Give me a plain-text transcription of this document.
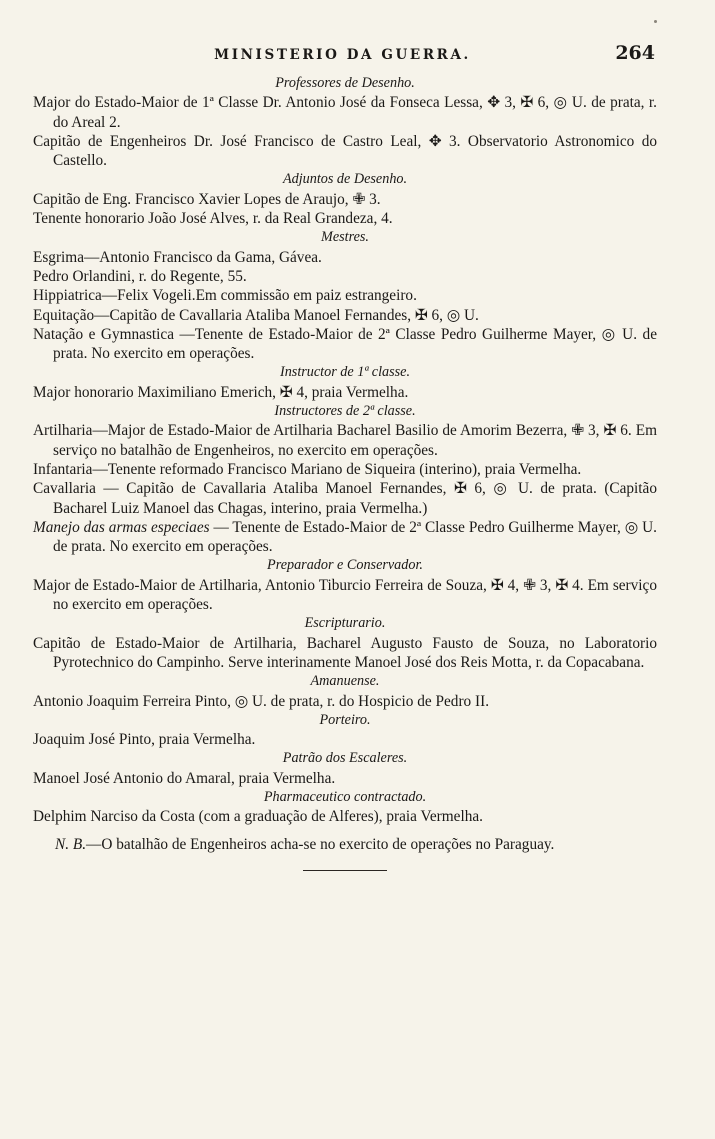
MINISTERIO DA GUERRA.	264

Professores de Desenho.

Major do Estado-Maior de 1ª Classe Dr. Antonio José da Fonseca Lessa, ✥ 3, ✠ 6, ◎ U. de prata, r. do Areal 2.

Capitão de Engenheiros Dr. José Francisco de Castro Leal, ✥ 3. Observatorio Astronomico do Castello.

Adjuntos de Desenho.

Capitão de Eng. Francisco Xavier Lopes de Araujo, ✙ 3.

Tenente honorario João José Alves, r. da Real Grandeza, 4.

Mestres.

Esgrima—Antonio Francisco da Gama, Gávea.

Pedro Orlandini, r. do Regente, 55.

Hippiatrica—Felix Vogeli.Em commissão em paiz estrangeiro.

Equitação—Capitão de Cavallaria Ataliba Manoel Fernandes, ✠ 6, ◎ U.

Natação e Gymnastica —Tenente de Estado-Maior de 2ª Classe Pedro Guilherme Mayer, ◎ U. de prata. No exercito em operações.

Instructor de 1ª classe.

Major honorario Maximiliano Emerich, ✠ 4, praia Vermelha.

Instructores de 2ª classe.

Artilharia—Major de Estado-Maior de Artilharia Bacharel Basilio de Amorim Bezerra, ✙ 3, ✠ 6. Em serviço no batalhão de Engenheiros, no exercito em operações.

Infantaria—Tenente reformado Francisco Mariano de Siqueira (interino), praia Vermelha.

Cavallaria — Capitão de Cavallaria Ataliba Manoel Fernandes, ✠ 6, ◎ U. de prata. (Capitão Bacharel Luiz Manoel das Chagas, interino, praia Vermelha.)

Manejo das armas especiaes — Tenente de Estado-Maior de 2ª Classe Pedro Guilherme Mayer, ◎ U. de prata. No exercito em operações.

Preparador e Conservador.

Major de Estado-Maior de Artilharia, Antonio Tiburcio Ferreira de Souza, ✠ 4, ✙ 3, ✠ 4. Em serviço no exercito em operações.

Escripturario.

Capitão de Estado-Maior de Artilharia, Bacharel Augusto Fausto de Souza, no Laboratorio Pyrotechnico do Campinho. Serve interinamente Manoel José dos Reis Motta, r. da Copacabana.

Amanuense.

Antonio Joaquim Ferreira Pinto, ◎ U. de prata, r. do Hospicio de Pedro II.

Porteiro.

Joaquim José Pinto, praia Vermelha.

Patrão dos Escaleres.

Manoel José Antonio do Amaral, praia Vermelha.

Pharmaceutico contractado.

Delphim Narciso da Costa (com a graduação de Alferes), praia Vermelha.

N. B.—O batalhão de Engenheiros acha-se no exercito de operações no Paraguay.
